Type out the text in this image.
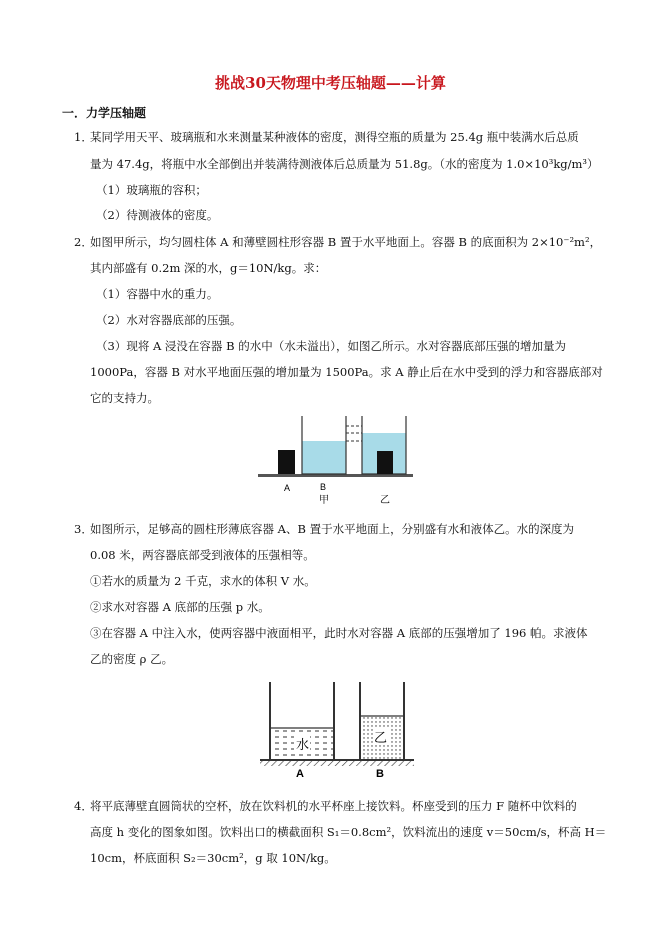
挑战30天物理中考压轴题——计算
一．力学压轴题
1．
某同学用天平、玻璃瓶和水来测量某种液体的密度，测得空瓶的质量为 25.4g 瓶中装满水后总质
量为 47.4g，将瓶中水全部倒出并装满待测液体后总质量为 51.8g。（水的密度为 1.0×10³kg/m³）
（1）玻璃瓶的容积；
（2）待测液体的密度。
2．
如图甲所示，均匀圆柱体 A 和薄壁圆柱形容器 B 置于水平地面上。容器 B 的底面积为 2×10⁻²m²，
其内部盛有 0.2m 深的水，g＝10N/kg。求：
（1）容器中水的重力。
（2）水对容器底部的压强。
（3）现将 A 浸没在容器 B 的水中（水未溢出），如图乙所示。水对容器底部压强的增加量为
1000Pa，容器 B 对水平地面压强的增加量为 1500Pa。求 A 静止后在水中受到的浮力和容器底部对
它的支持力。
A	B
甲	乙
3．
如图所示，足够高的圆柱形薄底容器 A、B 置于水平地面上，分别盛有水和液体乙。水的深度为
0.08 米，两容器底部受到液体的压强相等。
①若水的质量为 2 千克，求水的体积 V 水。
②求水对容器 A 底部的压强 p 水。
③在容器 A 中注入水，使两容器中液面相平，此时水对容器 A 底部的压强增加了 196 帕。求液体
乙的密度 ρ 乙。
水	乙
A	B
4．
将平底薄壁直圆筒状的空杯，放在饮料机的水平杯座上接饮料。杯座受到的压力 F 随杯中饮料的
高度 h 变化的图象如图。饮料出口的横截面积 S₁＝0.8cm²，饮料流出的速度 v＝50cm/s，杯高 H＝
10cm，杯底面积 S₂＝30cm²，g 取 10N/kg。
